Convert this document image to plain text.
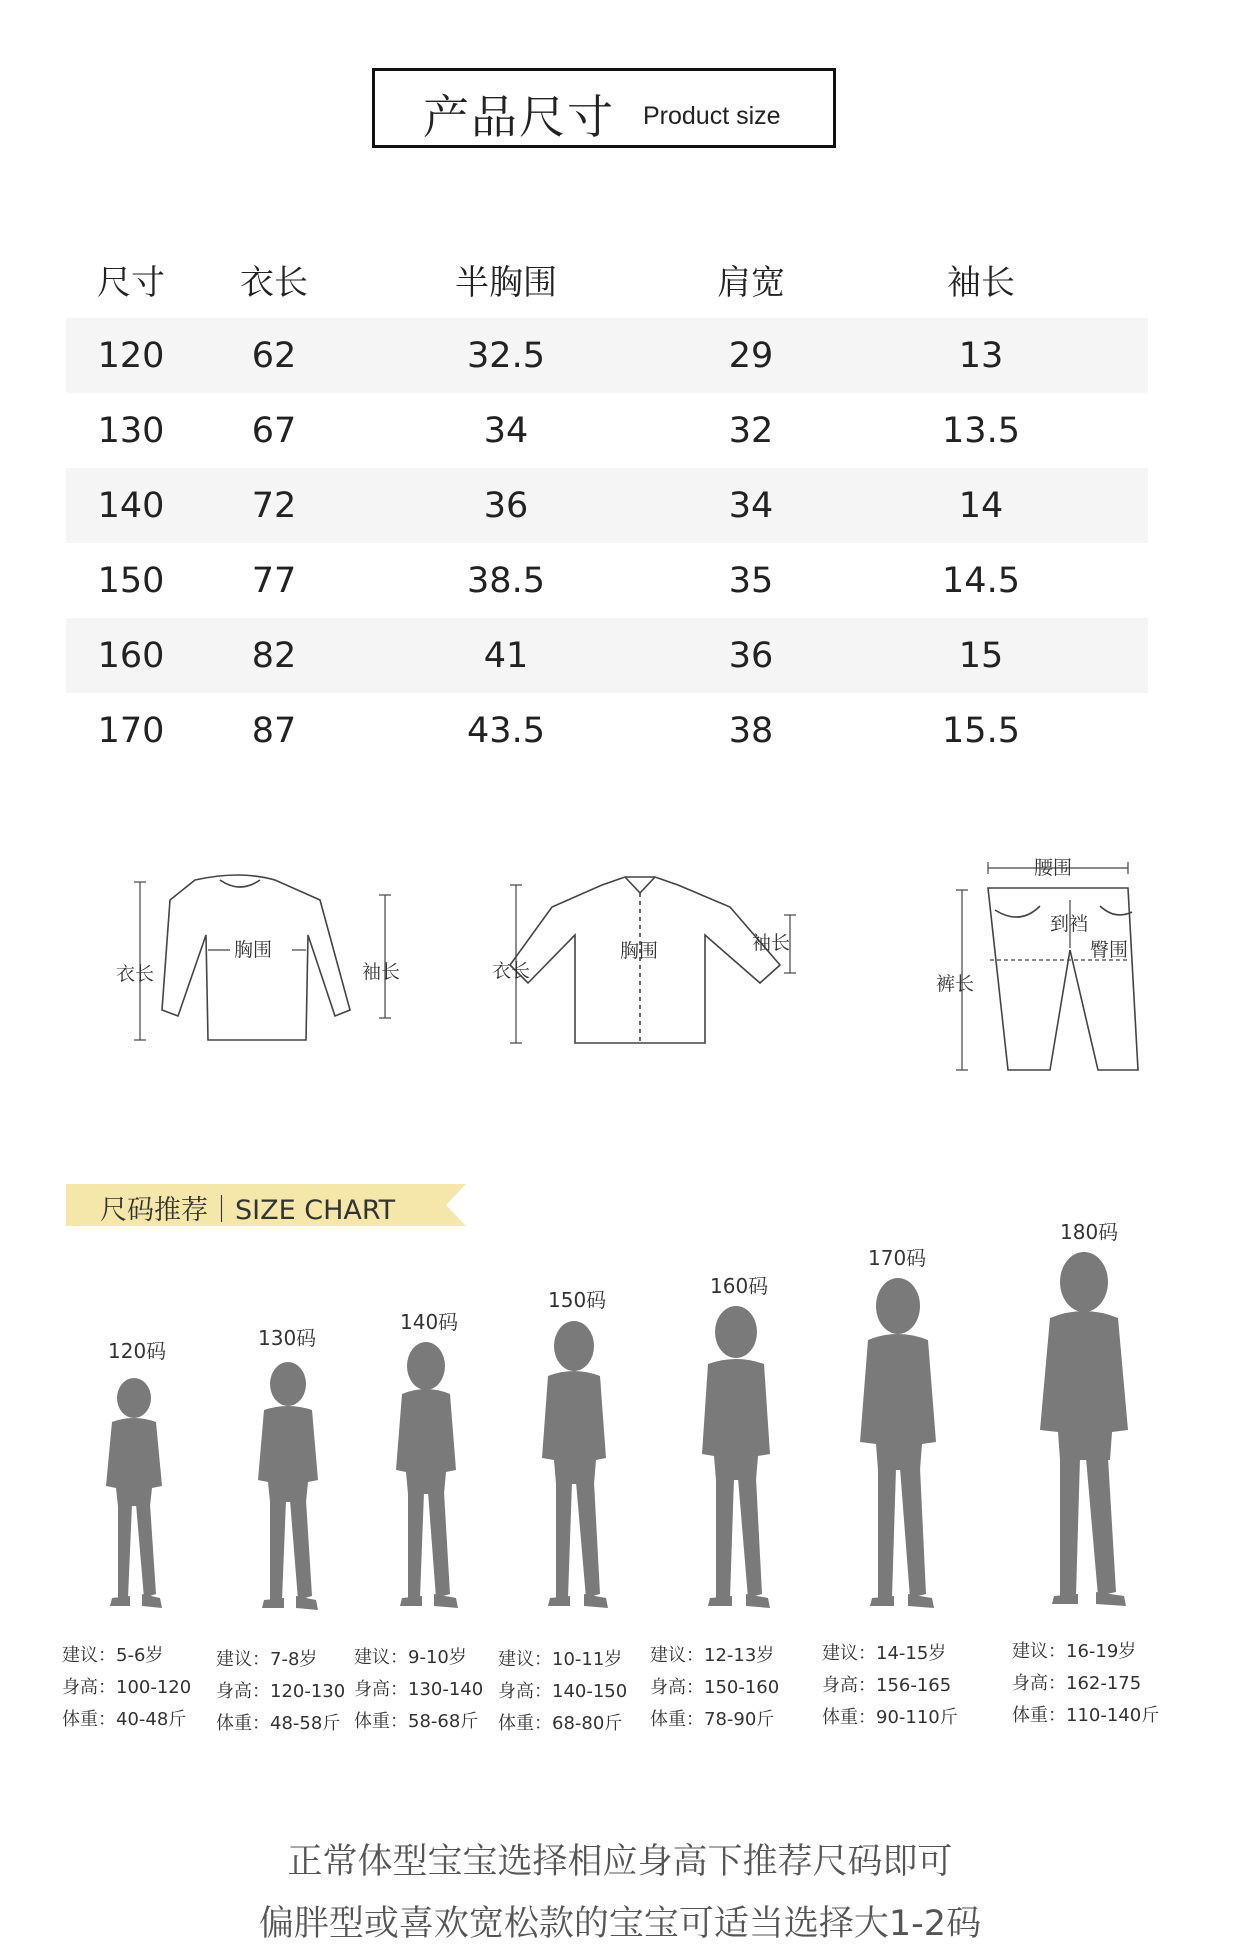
产品尺寸 Product size
尺寸	衣长	半胸围	肩宽	袖长
120	62	32.5	29	13
130	67	34	32	13.5
140	72	36	34	14
150	77	38.5	35	14.5
160	82	41	36	15
170	87	43.5	38	15.5
衣长
胸围
袖长	衣长
胸围	袖长
腰围
到裆
臀围
裤长
尺码推荐｜SIZE CHART
120码
建议：5-6岁
身高：100-120
体重：40-48斤
130码
建议：7-8岁
身高：120-130
体重：48-58斤
140码
建议：9-10岁
身高：130-140
体重：58-68斤
150码
建议：10-11岁
身高：140-150
体重：68-80斤
160码
建议：12-13岁
身高：150-160
体重：78-90斤
170码
建议：14-15岁
身高：156-165
体重：90-110斤
180码
建议：16-19岁
身高：162-175
体重：110-140斤
正常体型宝宝选择相应身高下推荐尺码即可
偏胖型或喜欢宽松款的宝宝可适当选择大1-2码
